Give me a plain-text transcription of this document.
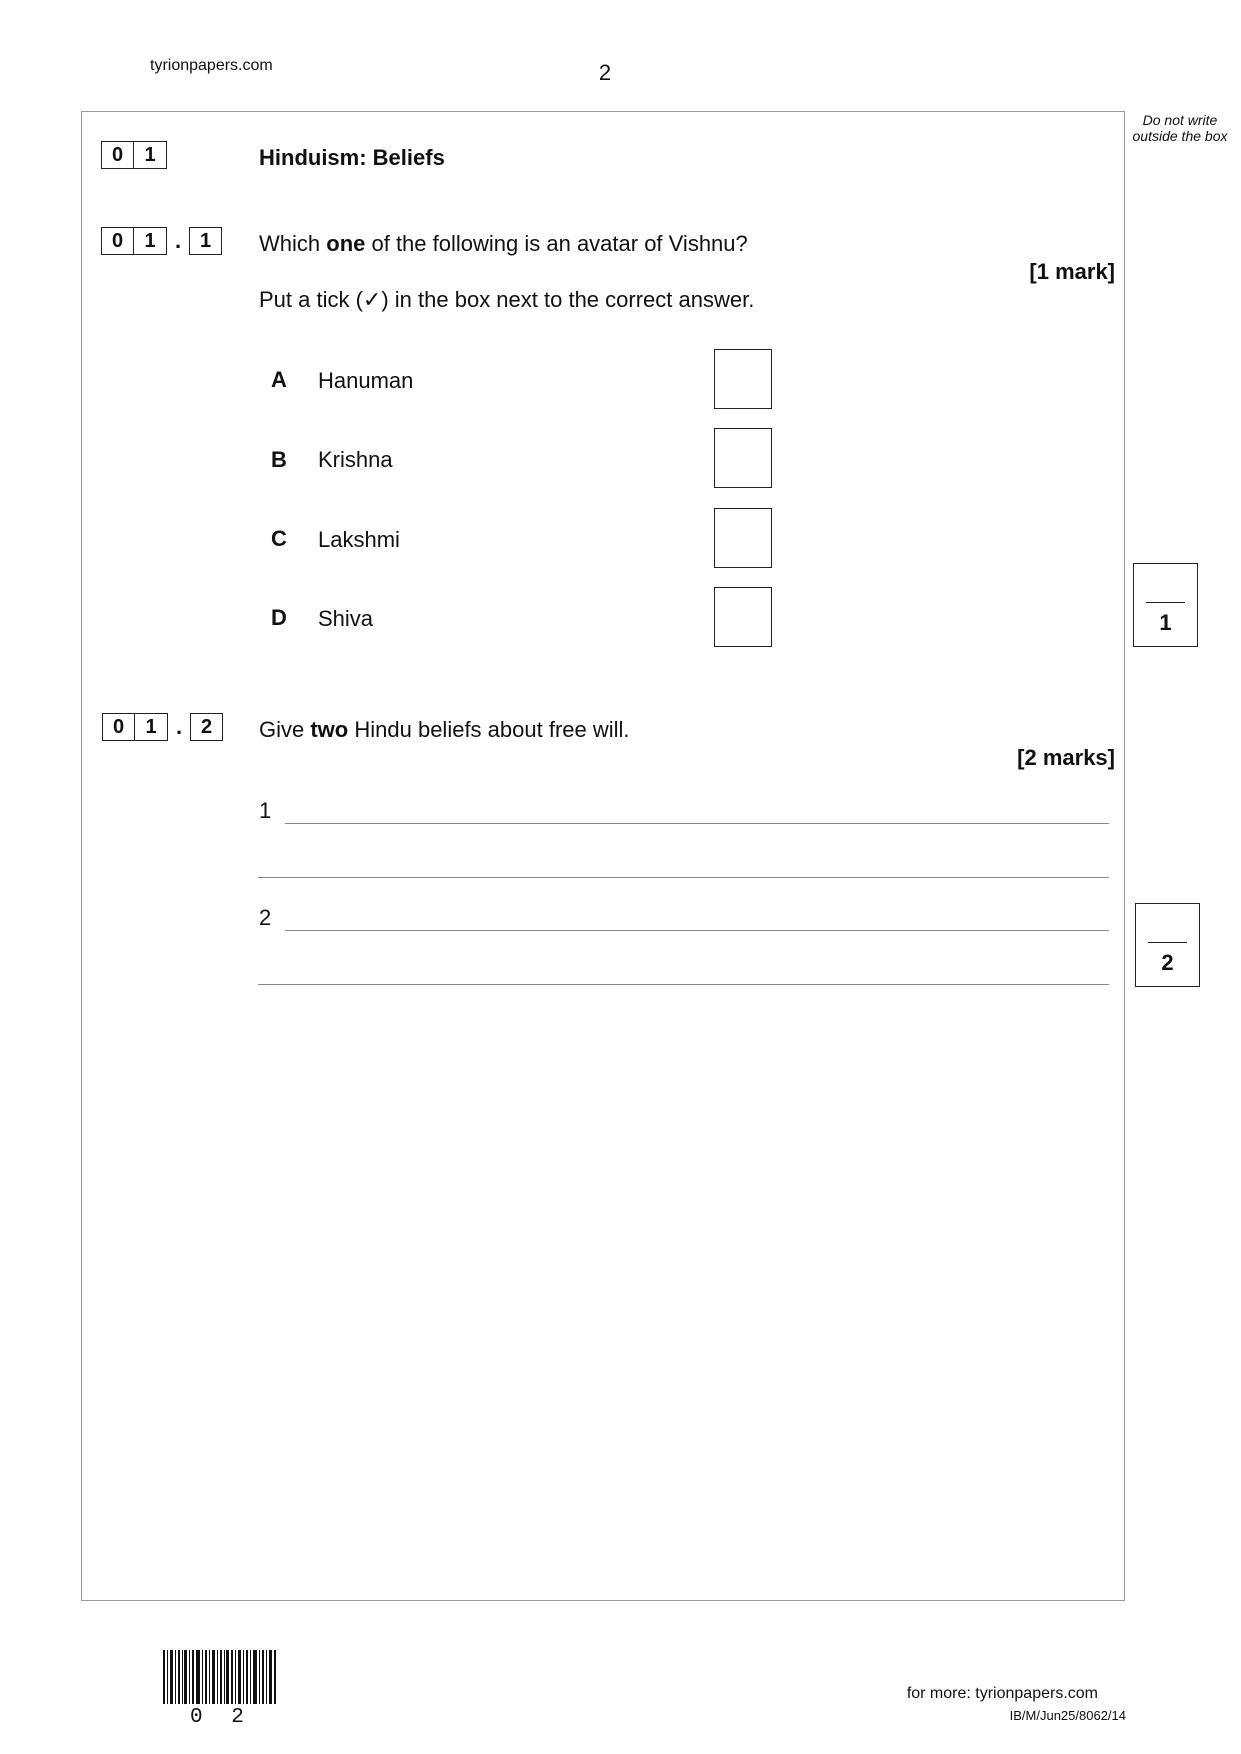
tyrionpapers.com	2
Do not write outside the box
0	1	Hinduism: Beliefs
0	1 . 1	Which one of the following is an avatar of Vishnu?
[1 mark]
Put a tick (✓) in the box next to the correct answer.
A	Hanuman
B	Krishna
C	Lakshmi
D	Shiva	1
0	1 . 2	Give two Hindu beliefs about free will.
[2 marks]
1
2
2
0 2
for more: tyrionpapers.com
IB/M/Jun25/8062/14
